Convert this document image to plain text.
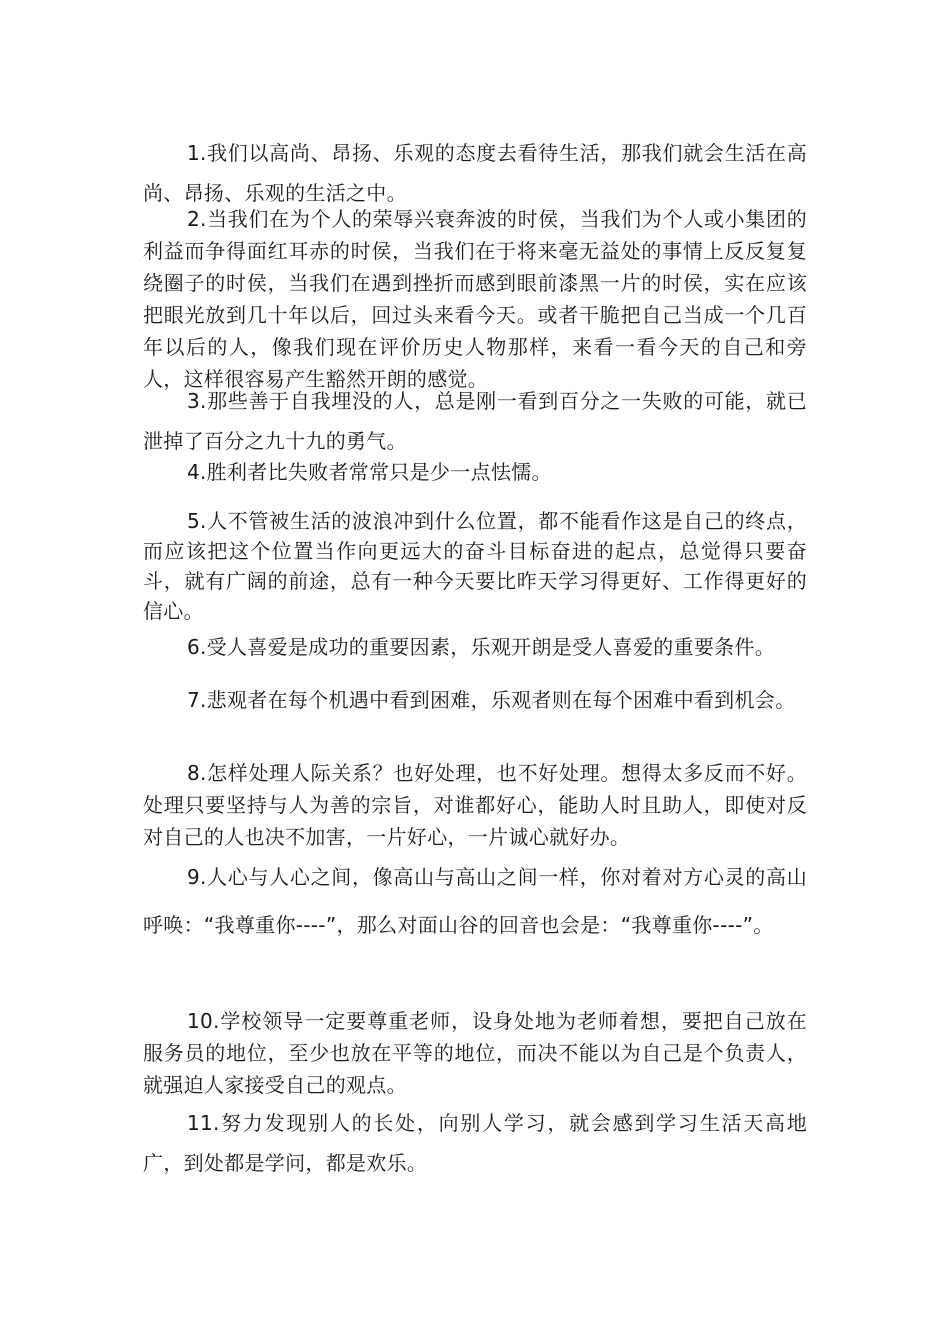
1.我们以高尚、昂扬、乐观的态度去看待生活，那我们就会生活在高尚、昂扬、乐观的生活之中。

2.当我们在为个人的荣辱兴衰奔波的时侯，当我们为个人或小集团的利益而争得面红耳赤的时侯，当我们在于将来毫无益处的事情上反反复复绕圈子的时侯，当我们在遇到挫折而感到眼前漆黑一片的时侯，实在应该把眼光放到几十年以后，回过头来看今天。或者干脆把自己当成一个几百年以后的人，像我们现在评价历史人物那样，来看一看今天的自己和旁人，这样很容易产生豁然开朗的感觉。

3.那些善于自我埋没的人，总是刚一看到百分之一失败的可能，就已泄掉了百分之九十九的勇气。

4.胜利者比失败者常常只是少一点怯懦。

5.人不管被生活的波浪冲到什么位置，都不能看作这是自己的终点，而应该把这个位置当作向更远大的奋斗目标奋进的起点，总觉得只要奋斗，就有广阔的前途，总有一种今天要比昨天学习得更好、工作得更好的信心。

6.受人喜爱是成功的重要因素，乐观开朗是受人喜爱的重要条件。

7.悲观者在每个机遇中看到困难，乐观者则在每个困难中看到机会。

8.怎样处理人际关系？也好处理，也不好处理。想得太多反而不好。处理只要坚持与人为善的宗旨，对谁都好心，能助人时且助人，即使对反对自己的人也决不加害，一片好心，一片诚心就好办。

9.人心与人心之间，像高山与高山之间一样，你对着对方心灵的高山呼唤：“我尊重你----”，那么对面山谷的回音也会是：“我尊重你----”。

10.学校领导一定要尊重老师，设身处地为老师着想，要把自己放在服务员的地位，至少也放在平等的地位，而决不能以为自己是个负责人，就强迫人家接受自己的观点。

11.努力发现别人的长处，向别人学习，就会感到学习生活天高地广，到处都是学问，都是欢乐。
